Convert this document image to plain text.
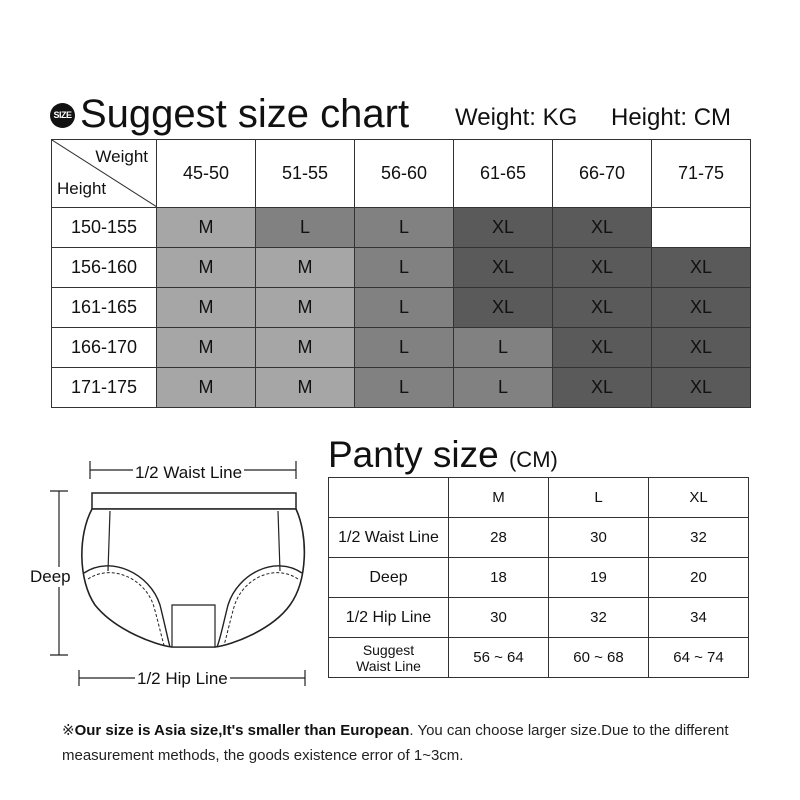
SIZE Suggest size chart Weight: KG Height: CM
Weight
Height	45-50	51-55	56-60	61-65	66-70	71-75
150-155	M	L	L	XL	XL	
156-160	M	M	L	XL	XL	XL
161-165	M	M	L	XL	XL	XL
166-170	M	M	L	L	XL	XL
171-175	M	M	L	L	XL	XL
1/2 Waist Line
Deep
1/2 Hip Line
Panty size (CM)
	M	L	XL
1/2 Waist Line	28	30	32
Deep	18	19	20
1/2 Hip Line	30	32	34

Suggest
Waist Line	56 ~ 64	60 ~ 68	64 ~ 74
※Our size is Asia size,It's smaller than European. You can choose larger size.Due to the different measurement methods, the goods existence error of 1~3cm.
